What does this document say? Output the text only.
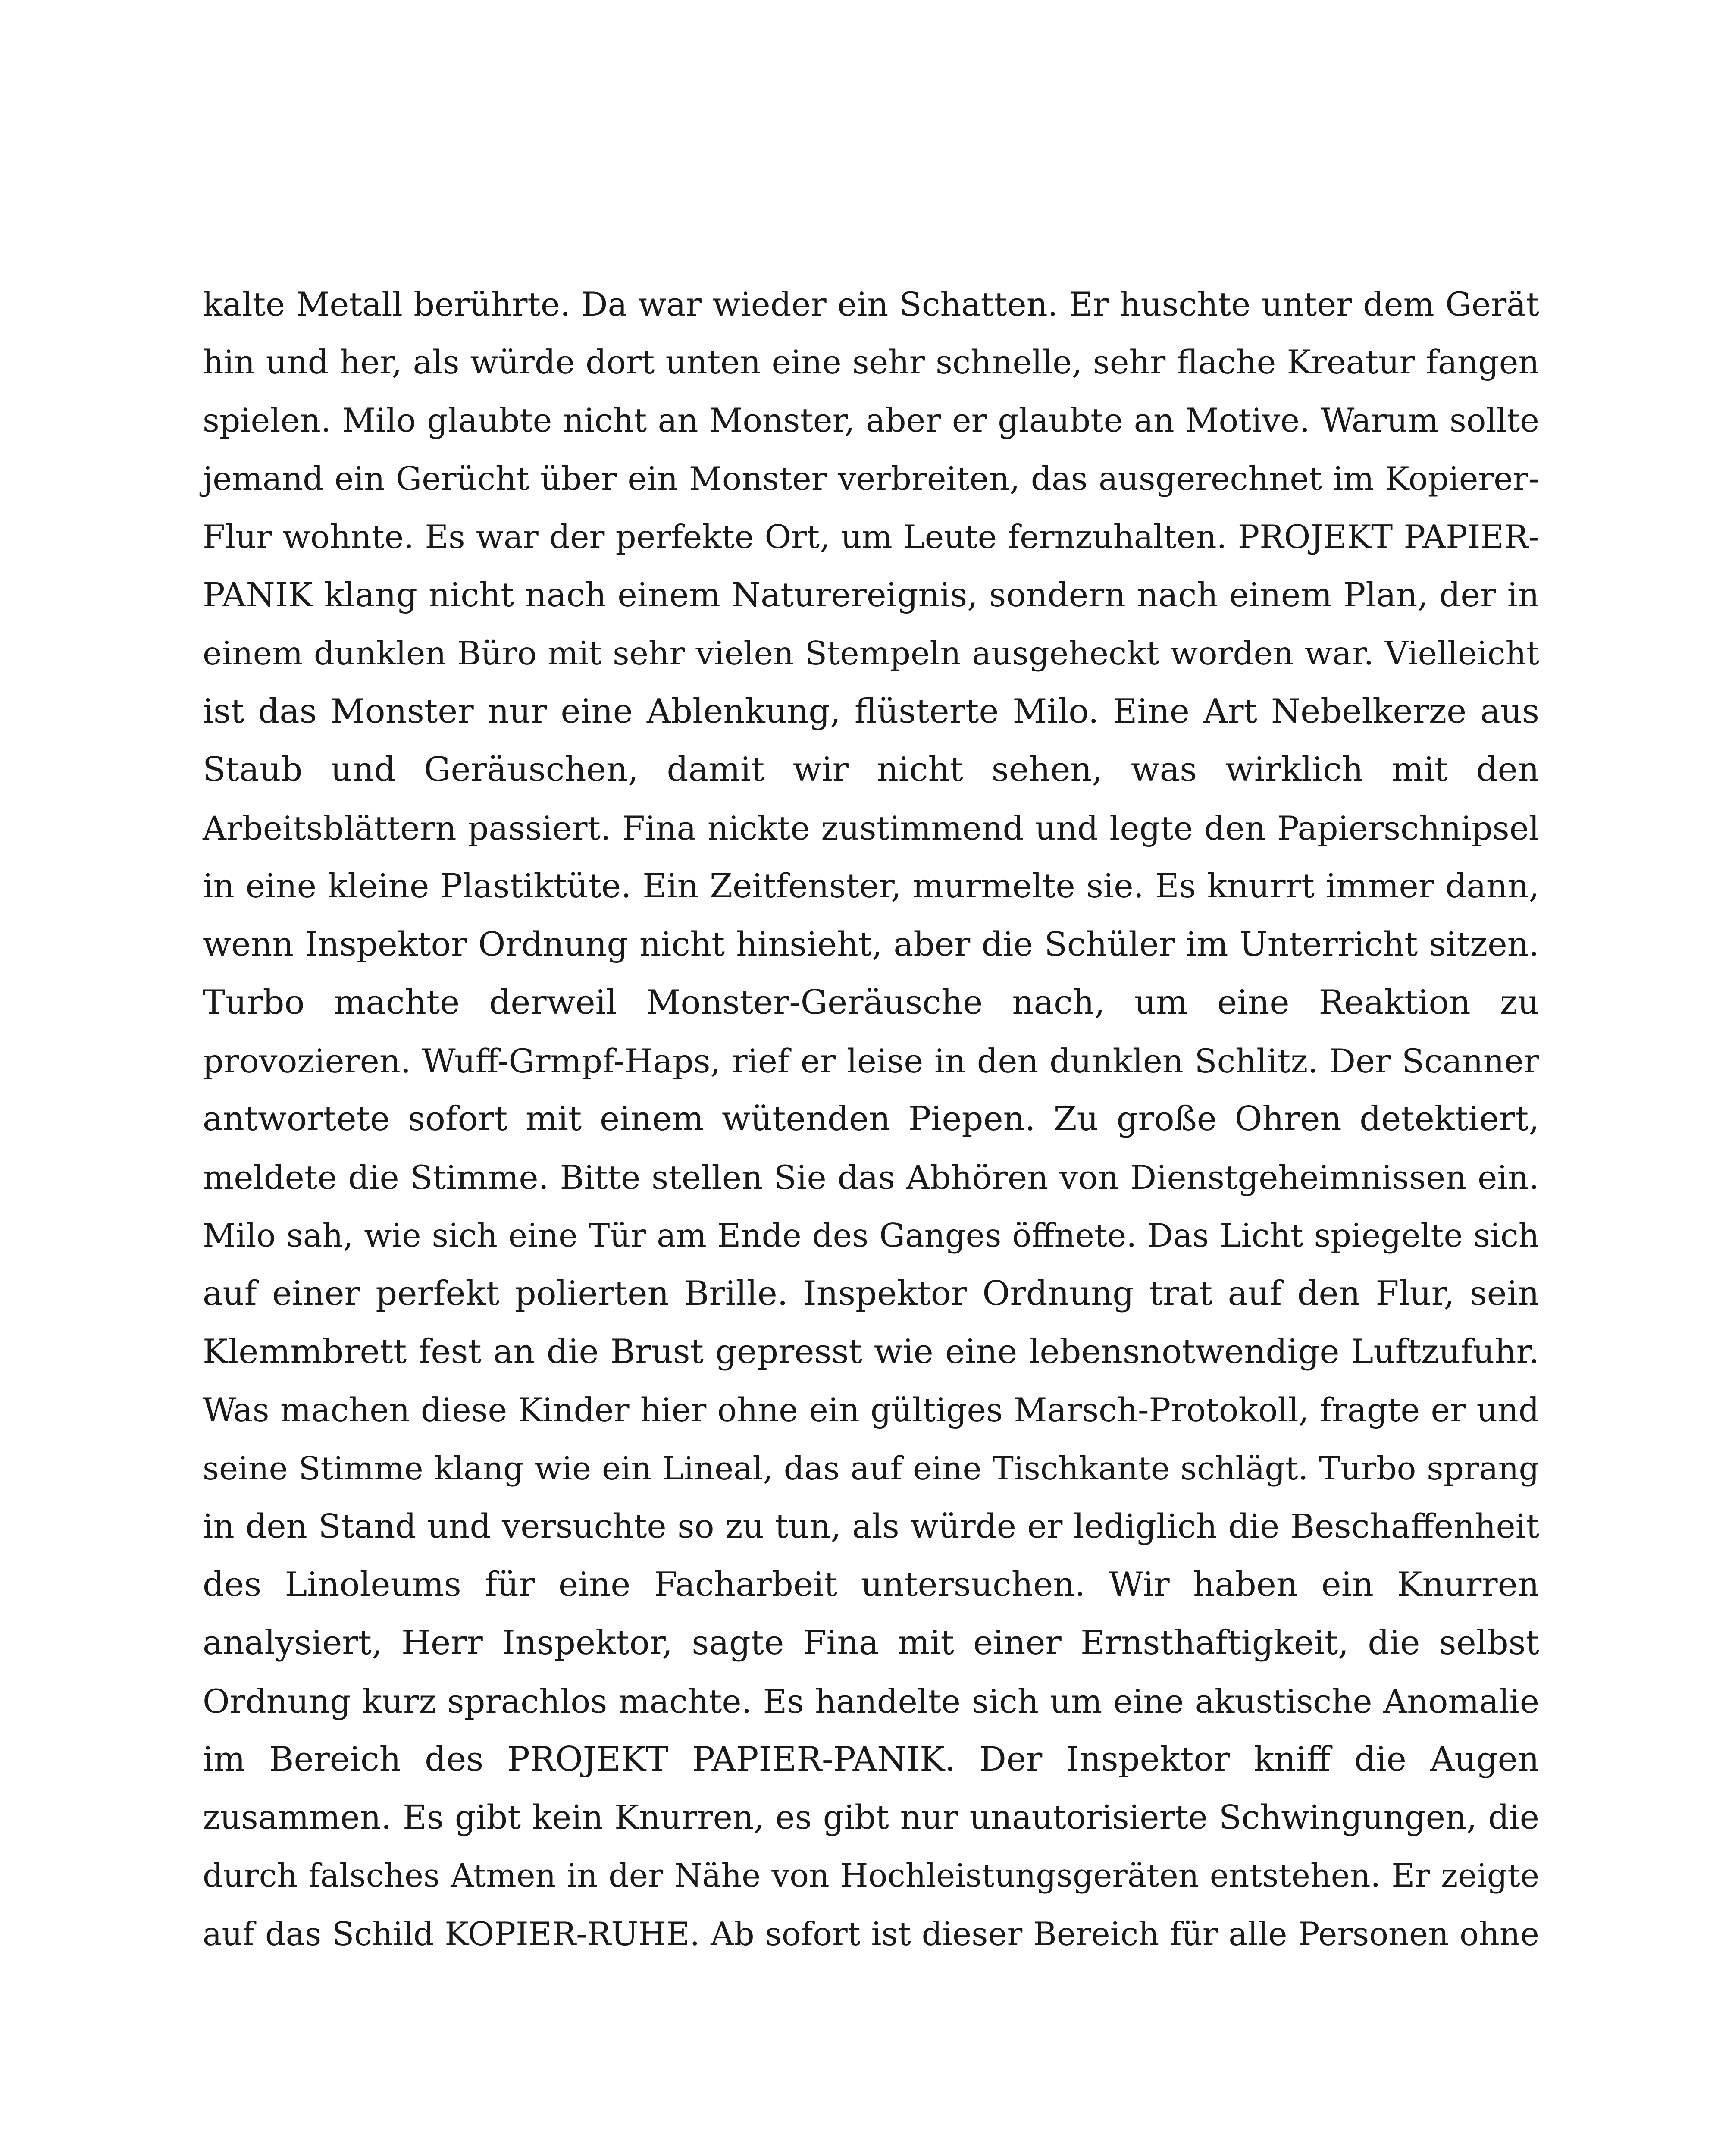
kalte Metall berührte. Da war wieder ein Schatten. Er huschte unter dem Gerät
hin und her, als würde dort unten eine sehr schnelle, sehr flache Kreatur fangen
spielen. Milo glaubte nicht an Monster, aber er glaubte an Motive. Warum sollte
jemand ein Gerücht über ein Monster verbreiten, das ausgerechnet im Kopierer-
Flur wohnte. Es war der perfekte Ort, um Leute fernzuhalten. PROJEKT PAPIER-
PANIK klang nicht nach einem Naturereignis, sondern nach einem Plan, der in
einem dunklen Büro mit sehr vielen Stempeln ausgeheckt worden war. Vielleicht
ist das Monster nur eine Ablenkung, flüsterte Milo. Eine Art Nebelkerze aus
Staub und Geräuschen, damit wir nicht sehen, was wirklich mit den
Arbeitsblättern passiert. Fina nickte zustimmend und legte den Papierschnipsel
in eine kleine Plastiktüte. Ein Zeitfenster, murmelte sie. Es knurrt immer dann,
wenn Inspektor Ordnung nicht hinsieht, aber die Schüler im Unterricht sitzen.
Turbo machte derweil Monster-Geräusche nach, um eine Reaktion zu
provozieren. Wuff-Grmpf-Haps, rief er leise in den dunklen Schlitz. Der Scanner
antwortete sofort mit einem wütenden Piepen. Zu große Ohren detektiert,
meldete die Stimme. Bitte stellen Sie das Abhören von Dienstgeheimnissen ein.
Milo sah, wie sich eine Tür am Ende des Ganges öffnete. Das Licht spiegelte sich
auf einer perfekt polierten Brille. Inspektor Ordnung trat auf den Flur, sein
Klemmbrett fest an die Brust gepresst wie eine lebensnotwendige Luftzufuhr.
Was machen diese Kinder hier ohne ein gültiges Marsch-Protokoll, fragte er und
seine Stimme klang wie ein Lineal, das auf eine Tischkante schlägt. Turbo sprang
in den Stand und versuchte so zu tun, als würde er lediglich die Beschaffenheit
des Linoleums für eine Facharbeit untersuchen. Wir haben ein Knurren
analysiert, Herr Inspektor, sagte Fina mit einer Ernsthaftigkeit, die selbst
Ordnung kurz sprachlos machte. Es handelte sich um eine akustische Anomalie
im Bereich des PROJEKT PAPIER-PANIK. Der Inspektor kniff die Augen
zusammen. Es gibt kein Knurren, es gibt nur unautorisierte Schwingungen, die
durch falsches Atmen in der Nähe von Hochleistungsgeräten entstehen. Er zeigte
auf das Schild KOPIER-RUHE. Ab sofort ist dieser Bereich für alle Personen ohne
